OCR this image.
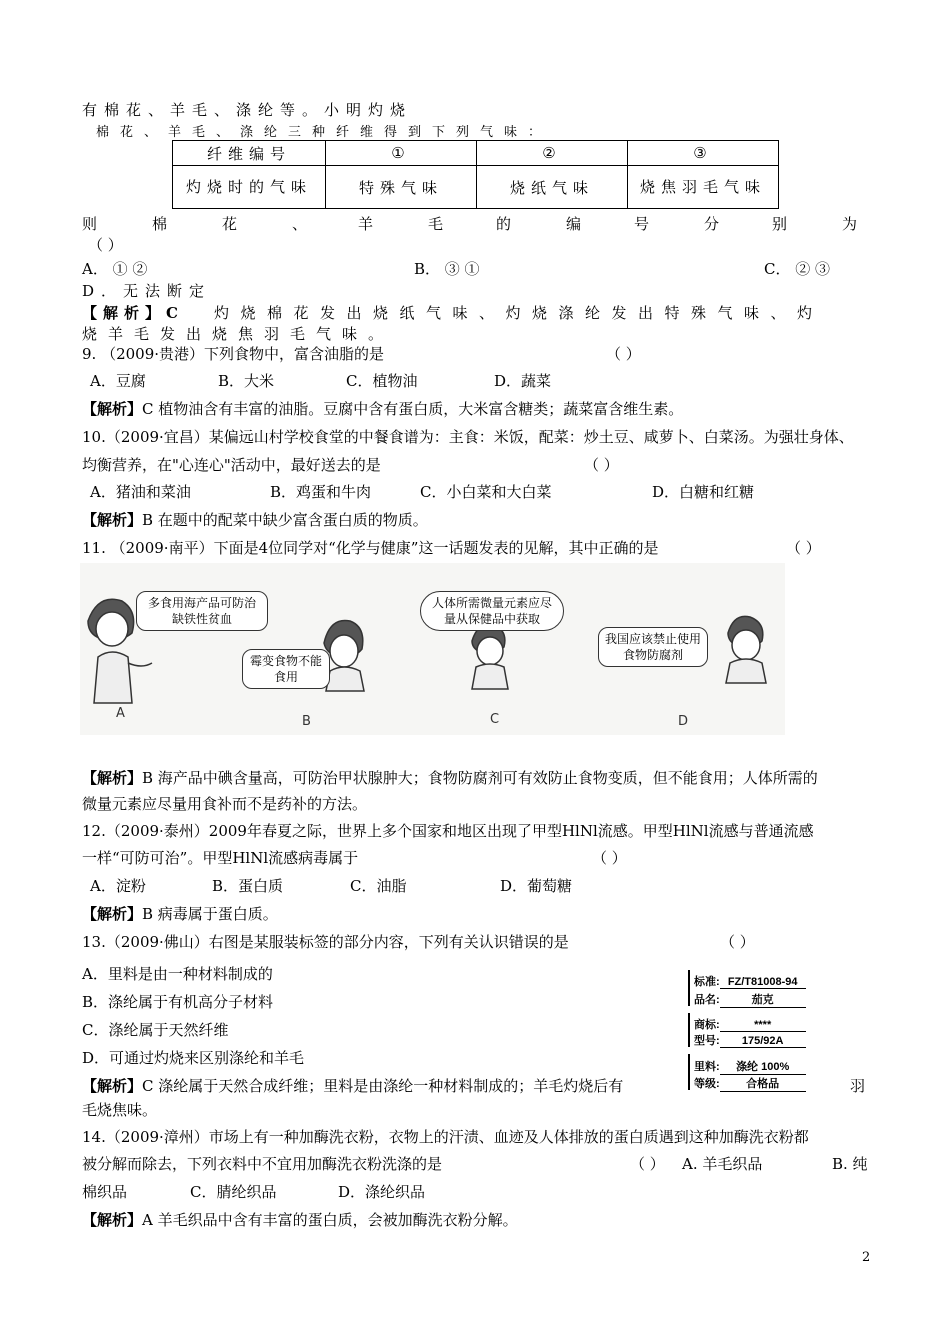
有棉花、羊毛、涤纶等。小明灼烧
棉花、羊毛、涤纶三种纤维得到下列气味：
纤维编号	①	②	③
灼烧时的气味	特殊气味	烧纸气味	烧焦羽毛气味
则	棉	花	、	羊	毛	的	编	号	分	别	为
（ ）
A． ① ②	B． ③ ①	C． ② ③
D．无法断定
【解析】C 灼烧棉花发出烧纸气味、灼烧涤纶发出特殊气味、灼
烧羊毛发出烧焦羽毛气味。
9. （2009·贵港）下列食物中，富含油脂的是	（ ）
A．豆腐	B．大米	C．植物油	D．蔬菜
【解析】C 植物油含有丰富的油脂。豆腐中含有蛋白质，大米富含糖类；蔬菜富含维生素。
10.（2009·宜昌）某偏远山村学校食堂的中餐食谱为：主食：米饭，配菜：炒土豆、咸萝卜、白菜汤。为强壮身体、
均衡营养，在"心连心"活动中，最好送去的是	（ ）
A．猪油和菜油	B．鸡蛋和牛肉	C．小白菜和大白菜	D．白糖和红糖
【解析】B 在题中的配菜中缺少富含蛋白质的物质。
11. （2009·南平）下面是4位同学对“化学与健康”这一话题发表的见解，其中正确的是	（ ）
多食用海产品可防治缺铁性贫血
霉变食物不能食用
人体所需微量元素应尽量从保健品中获取
我国应该禁止使用食物防腐剂
A
B	C	D
【解析】B 海产品中碘含量高，可防治甲状腺肿大；食物防腐剂可有效防止食物变质，但不能食用；人体所需的
微量元素应尽量用食补而不是药补的方法。
12.（2009·泰州）2009年春夏之际，世界上多个国家和地区出现了甲型HlNl流感。甲型HlNl流感与普通流感
一样“可防可治”。甲型HlNl流感病毒属于	（ ）
A．淀粉	B．蛋白质	C．油脂	D．葡萄糖
【解析】B 病毒属于蛋白质。
13.（2009·佛山）右图是某服装标签的部分内容，下列有关认识错误的是	（ ）
A．里料是由一种材料制成的
B．涤纶属于有机高分子材料
C．涤纶属于天然纤维
D．可通过灼烧来区别涤纶和羊毛
【解析】C 涤纶属于天然合成纤维；里料是由涤纶一种材料制成的；羊毛灼烧后有	羽
毛烧焦味。
标准: FZ/T81008-94
品名:	茄克
商标:	****
型号: 175/92A
里料: 涤纶 100%
等级: 合格品
14.（2009·漳州）市场上有一种加酶洗衣粉，衣物上的汗渍、血迹及人体排放的蛋白质遇到这种加酶洗衣粉都
被分解而除去，下列衣料中不宜用加酶洗衣粉洗涤的是	（ ） A. 羊毛织品	B. 纯
棉织品	C．腈纶织品	D．涤纶织品
【解析】A 羊毛织品中含有丰富的蛋白质，会被加酶洗衣粉分解。
2
